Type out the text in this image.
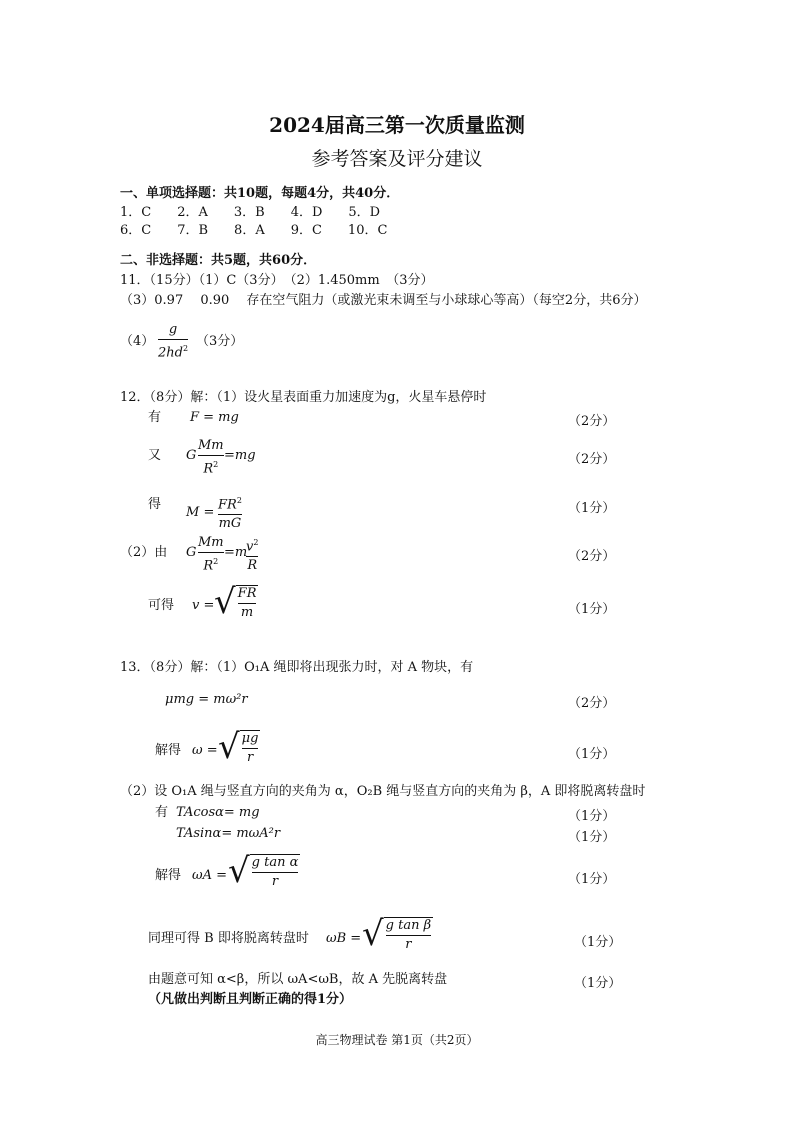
2024届高三第一次质量监测
参考答案及评分建议
一、单项选择题：共10题，每题4分，共40分．
1．C　　2．A　　3．B　　4．D　　5．D
6．C　　7．B　　8．A　　9．C　　10．C
二、非选择题：共5题，共60分．
11．（15分）（1）C（3分）　（2）1.450mm　（3分）
（3）0.97　 0.90　 存在空气阻力（或激光束未调至与小球球心等高）（每空2分，共6分）
（4）
g
$2hd^2$ （3分）
12．（8分）解：（1）设火星表面重力加速度为g，火星车悬停时
有 F = mg	（2分）
又 G
Mm
$R^2$
=mg	（2分）
得
M =
$FR^2$
mG
（1分）
（2）由 G
Mm
$R^2$
=m
$v^2$
R
（2分）
可得 v = √ FR
m	（1分）
13．（8分）解：（1）O₁A 绳即将出现张力时，对 A 物块，有
μmg = mω²r	（2分）
解得 ω = √ μg
r	（1分）
（2）设 O₁A 绳与竖直方向的夹角为 α，O₂B 绳与竖直方向的夹角为 β，A 即将脱离转盘时
有 TAcosα= mg	（1分）
TAsinα= mωA²r	（1分）
解得 ωA = √ g tan α
r	（1分）
同理可得 B 即将脱离转盘时 ωB = √ g tan β
r	（1分）
由题意可知 α<β，所以 ωA<ωB，故 A 先脱离转盘	（1分）
（凡做出判断且判断正确的得1分）
高三物理试卷 第1页（共2页）
